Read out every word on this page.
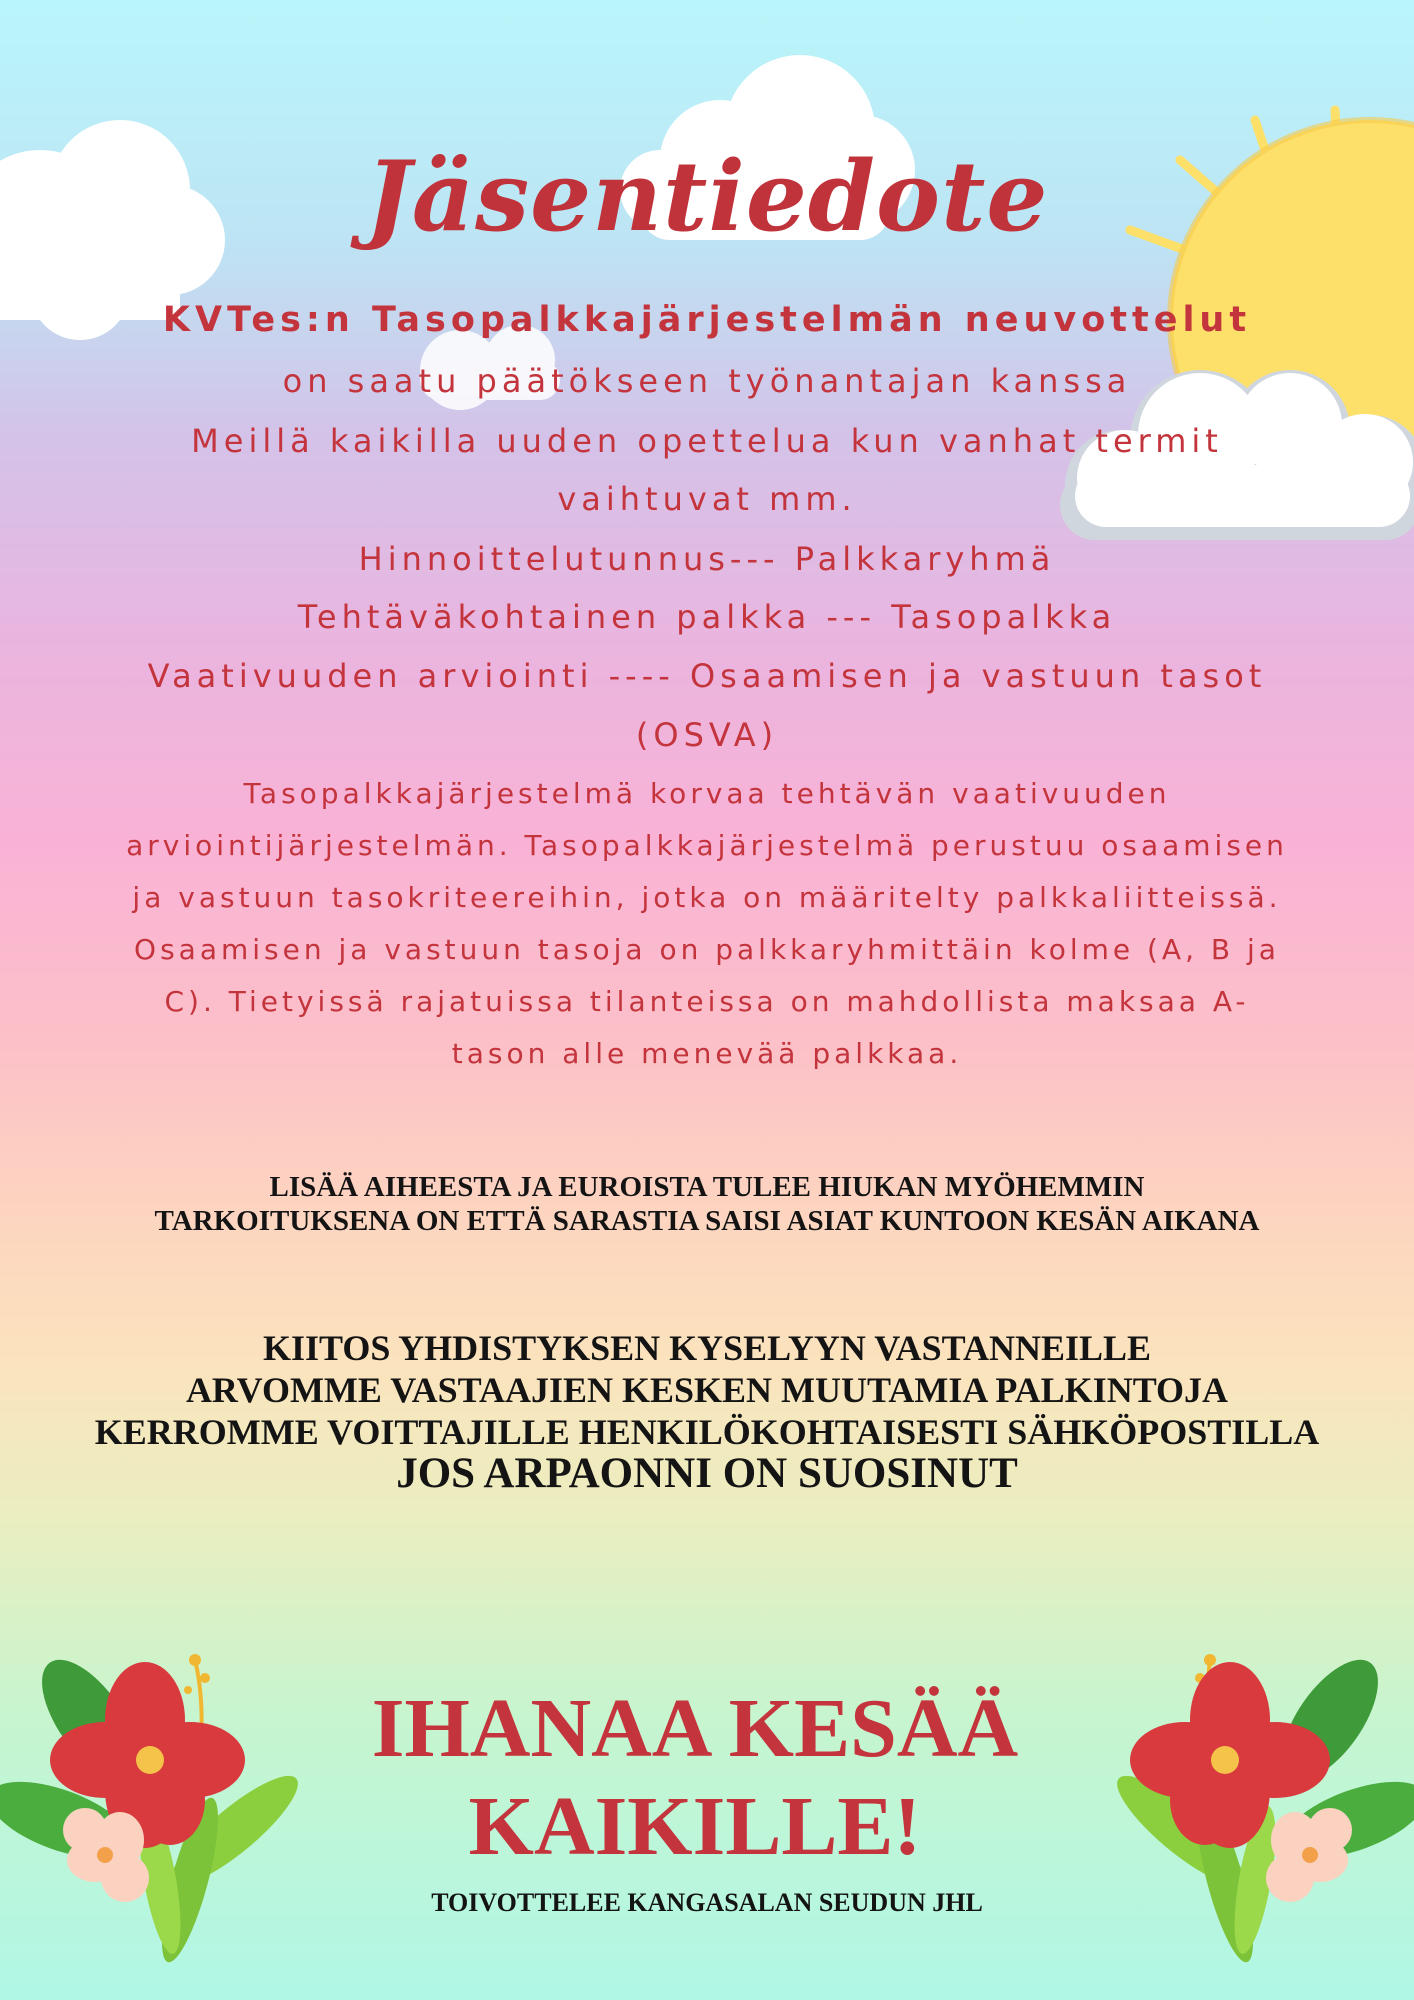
Jäsentiedote
KVTes:n Tasopalkkajärjestelmän neuvottelut
on saatu päätökseen työnantajan kanssa
Meillä kaikilla uuden opettelua kun vanhat termit
vaihtuvat mm.
Hinnoittelutunnus--- Palkkaryhmä
Tehtäväkohtainen palkka --- Tasopalkka
Vaativuuden arviointi ---- Osaamisen ja vastuun tasot
(OSVA)
Tasopalkkajärjestelmä korvaa tehtävän vaativuuden arviointijärjestelmän. Tasopalkkajärjestelmä perustuu osaamisen ja vastuun tasokriteereihin, jotka on määritelty palkkaliitteissä. Osaamisen ja vastuun tasoja on palkkaryhmittäin kolme (A, B ja C). Tietyissä rajatuissa tilanteissa on mahdollista maksaa A-tason alle menevää palkkaa.
LISÄÄ AIHEESTA JA EUROISTA TULEE HIUKAN MYÖHEMMIN
TARKOITUKSENA ON ETTÄ SARASTIA SAISI ASIAT KUNTOON KESÄN AIKANA
KIITOS YHDISTYKSEN KYSELYYN VASTANNEILLE
ARVOMME VASTAAJIEN KESKEN MUUTAMIA PALKINTOJA
KERROMME VOITTAJILLE HENKILÖKOHTAISESTI SÄHKÖPOSTILLA
JOS ARPAONNI ON SUOSINUT
IHANAA KESÄÄ
KAIKILLE!
TOIVOTTELEE KANGASALAN SEUDUN JHL
